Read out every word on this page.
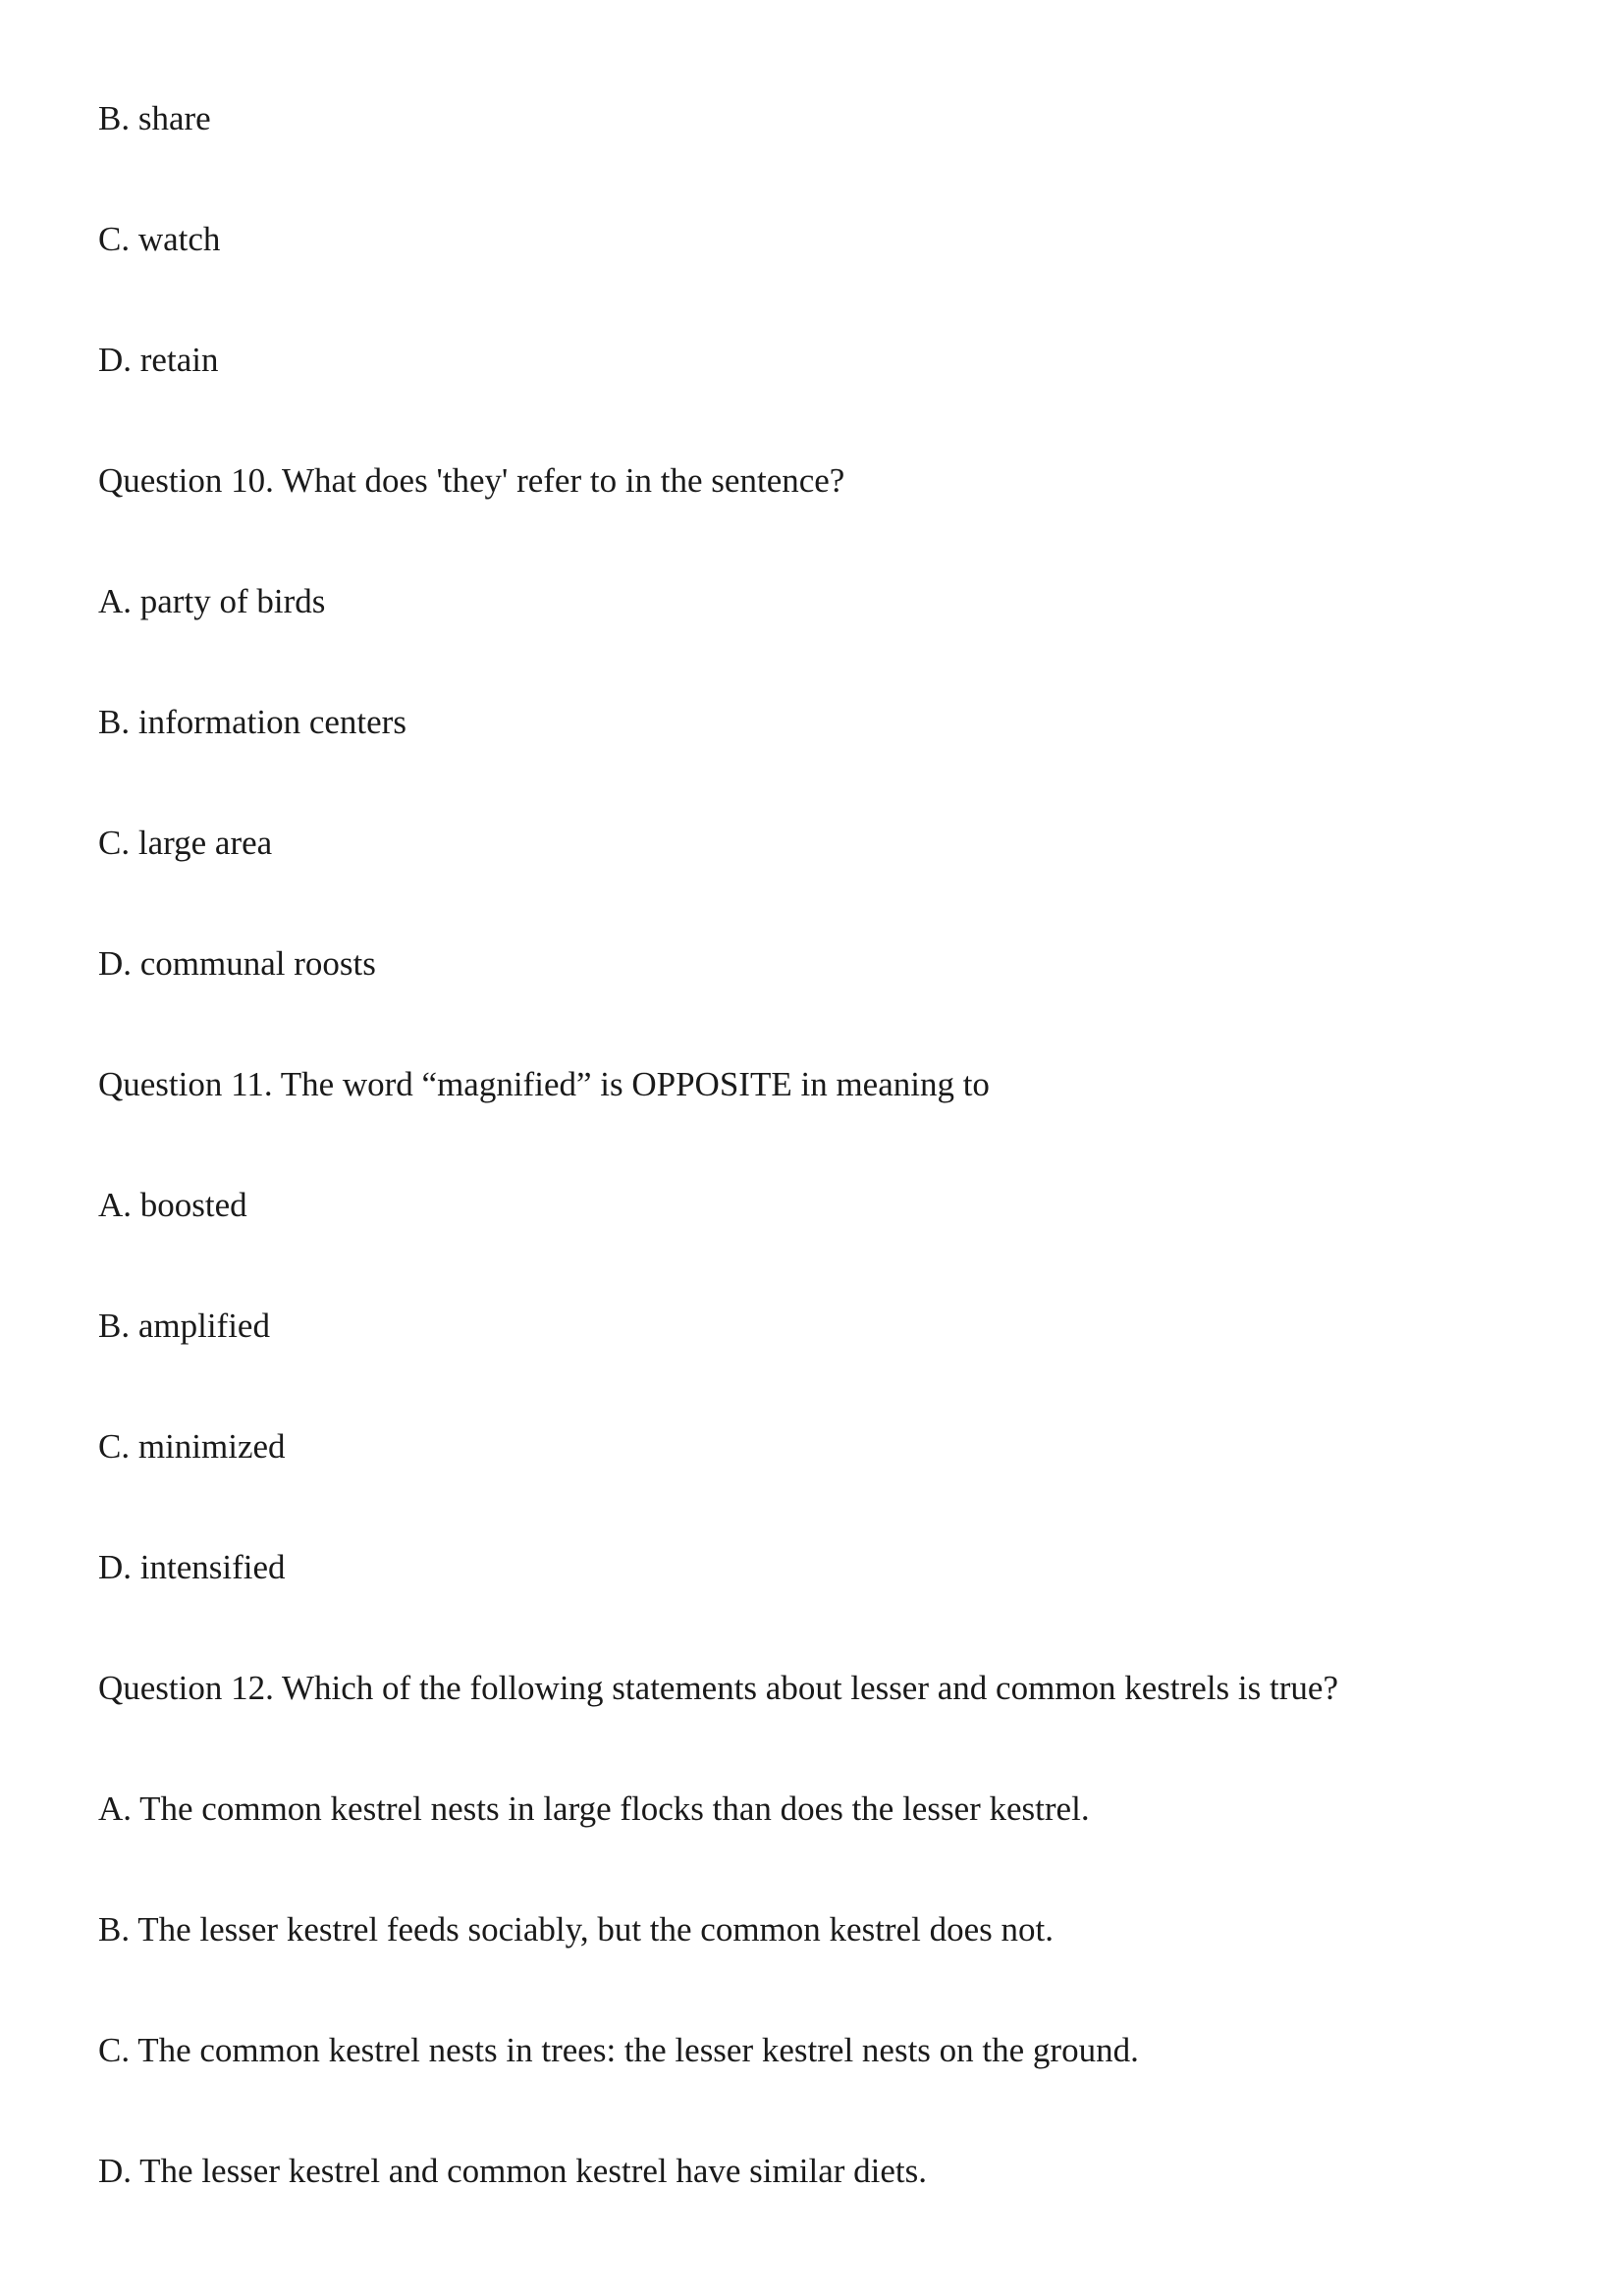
B. share
C. watch
D. retain
Question 10. What does 'they' refer to in the sentence?
A. party of birds
B. information centers
C. large area
D. communal roosts
Question 11. The word “magnified” is OPPOSITE in meaning to
A. boosted
B. amplified
C. minimized
D. intensified
Question 12. Which of the following statements about lesser and common kestrels is true?
A. The common kestrel nests in large flocks than does the lesser kestrel.
B. The lesser kestrel feeds sociably, but the common kestrel does not.
C. The common kestrel nests in trees: the lesser kestrel nests on the ground.
D. The lesser kestrel and common kestrel have similar diets.
